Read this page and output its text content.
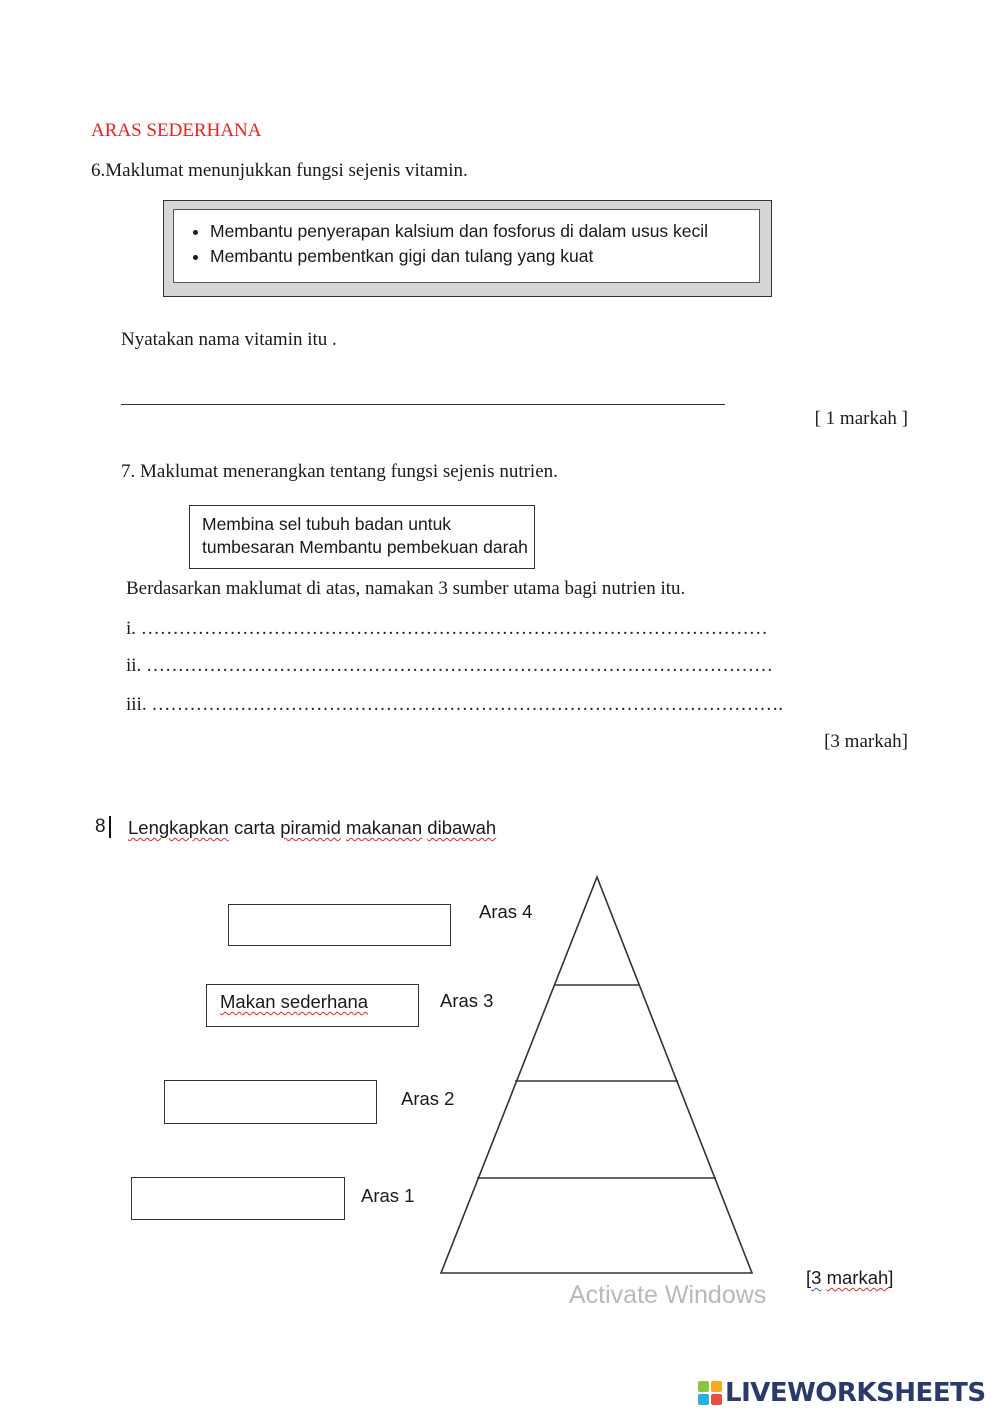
ARAS SEDERHANA
6.Maklumat menunjukkan fungsi sejenis vitamin.
• Membantu penyerapan kalsium dan fosforus di dalam usus kecil
• Membantu pembentkan gigi dan tulang yang kuat
Nyatakan nama vitamin itu .
[ 1 markah ]
7. Maklumat menerangkan tentang fungsi sejenis nutrien.
Membina sel tubuh badan untuk tumbesaran Membantu pembekuan darah
Berdasarkan maklumat di atas, namakan 3 sumber utama bagi nutrien itu.
i. ………………………………………………………………………………………
ii. ………………………………………………………………………………………
iii. ……………………………………………………………………………………….
[3 markah]
8 Lengkapkan carta piramid makanan dibawah
Aras 4
Makan sederhana	Aras 3
Aras 2
Aras 1
[3 markah]
Activate Windows
LIVEWORKSHEETS
